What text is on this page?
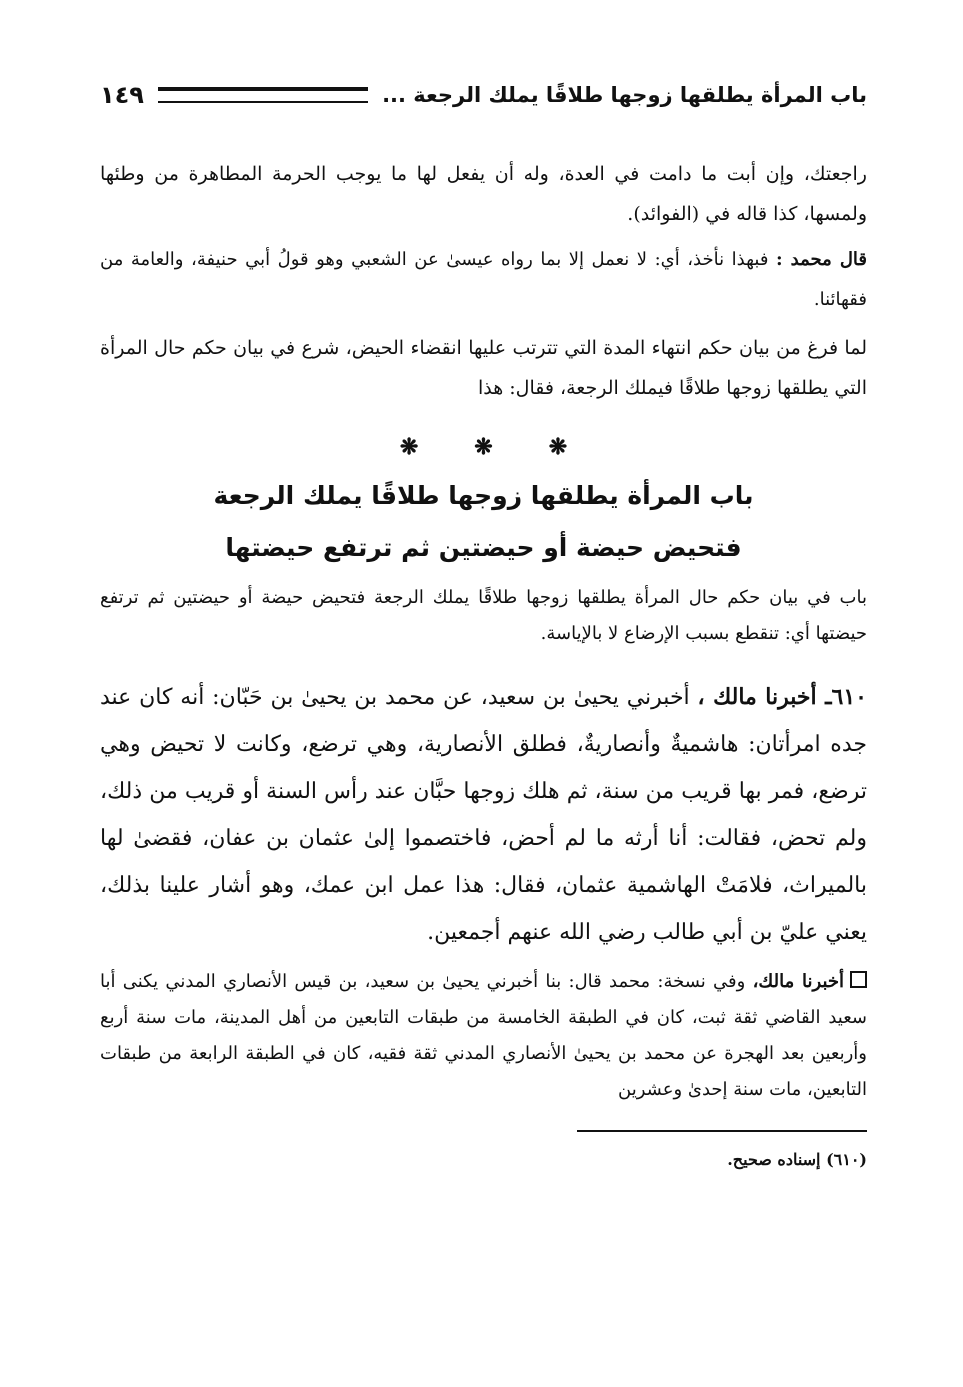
باب المرأة يطلقها زوجها طلاقًا يملك الرجعة ...
١٤٩

راجعتك، وإن أبت ما دامت في العدة، وله أن يفعل لها ما يوجب الحرمة المطاهرة من وطئها ولمسها، كذا قاله في (الفوائد).

قال محمد : فبهذا نأخذ، أي: لا نعمل إلا بما رواه عيسىٰ عن الشعبي وهو قولُ أبي حنيفة، والعامة من فقهائنا.

لما فرغ من بيان حكم انتهاء المدة التي تترتب عليها انقضاء الحيض، شرع في بيان حكم حال المرأة التي يطلقها زوجها طلاقًا فيملك الرجعة، فقال: هذا

❋
❋
❋
باب المرأة يطلقها زوجها طلاقًا يملك الرجعة
فتحيض حيضة أو حيضتين ثم ترتفع حيضتها

باب في بيان حكم حال المرأة يطلقها زوجها طلاقًا يملك الرجعة فتحيض حيضة أو حيضتين ثم ترتفع حيضتها أي: تنقطع بسبب الإرضاع لا بالإياسة.

٦١٠ـ أخبرنا مالك ، أخبرني يحيىٰ بن سعيد، عن محمد بن يحيىٰ بن حَبّان: أنه كان عند جده امرأتان: هاشميةٌ وأنصاريةٌ، فطلق الأنصارية، وهي ترضع، وكانت لا تحيض وهي ترضع، فمر بها قريب من سنة، ثم هلك زوجها حبَّان عند رأس السنة أو قريب من ذلك، ولم تحض، فقالت: أنا أرثه ما لم أحض، فاختصموا إلىٰ عثمان بن عفان، فقضىٰ لها بالميراث، فلامَتْ الهاشمية عثمان، فقال: هذا عمل ابن عمك، وهو أشار علينا بذلك، يعني عليّ بن أبي طالب رضي الله عنهم أجمعين.

أخبرنا مالك، وفي نسخة: محمد قال: بنا أخبرني يحيىٰ بن سعيد، بن قيس الأنصاري المدني يكنى أبا سعيد القاضي ثقة ثبت، كان في الطبقة الخامسة من طبقات التابعين من أهل المدينة، مات سنة أربع وأربعين بعد الهجرة عن محمد بن يحيىٰ الأنصاري المدني ثقة فقيه، كان في الطبقة الرابعة من طبقات التابعين، مات سنة إحدىٰ وعشرين

(٦١٠) إسناده صحيح.
